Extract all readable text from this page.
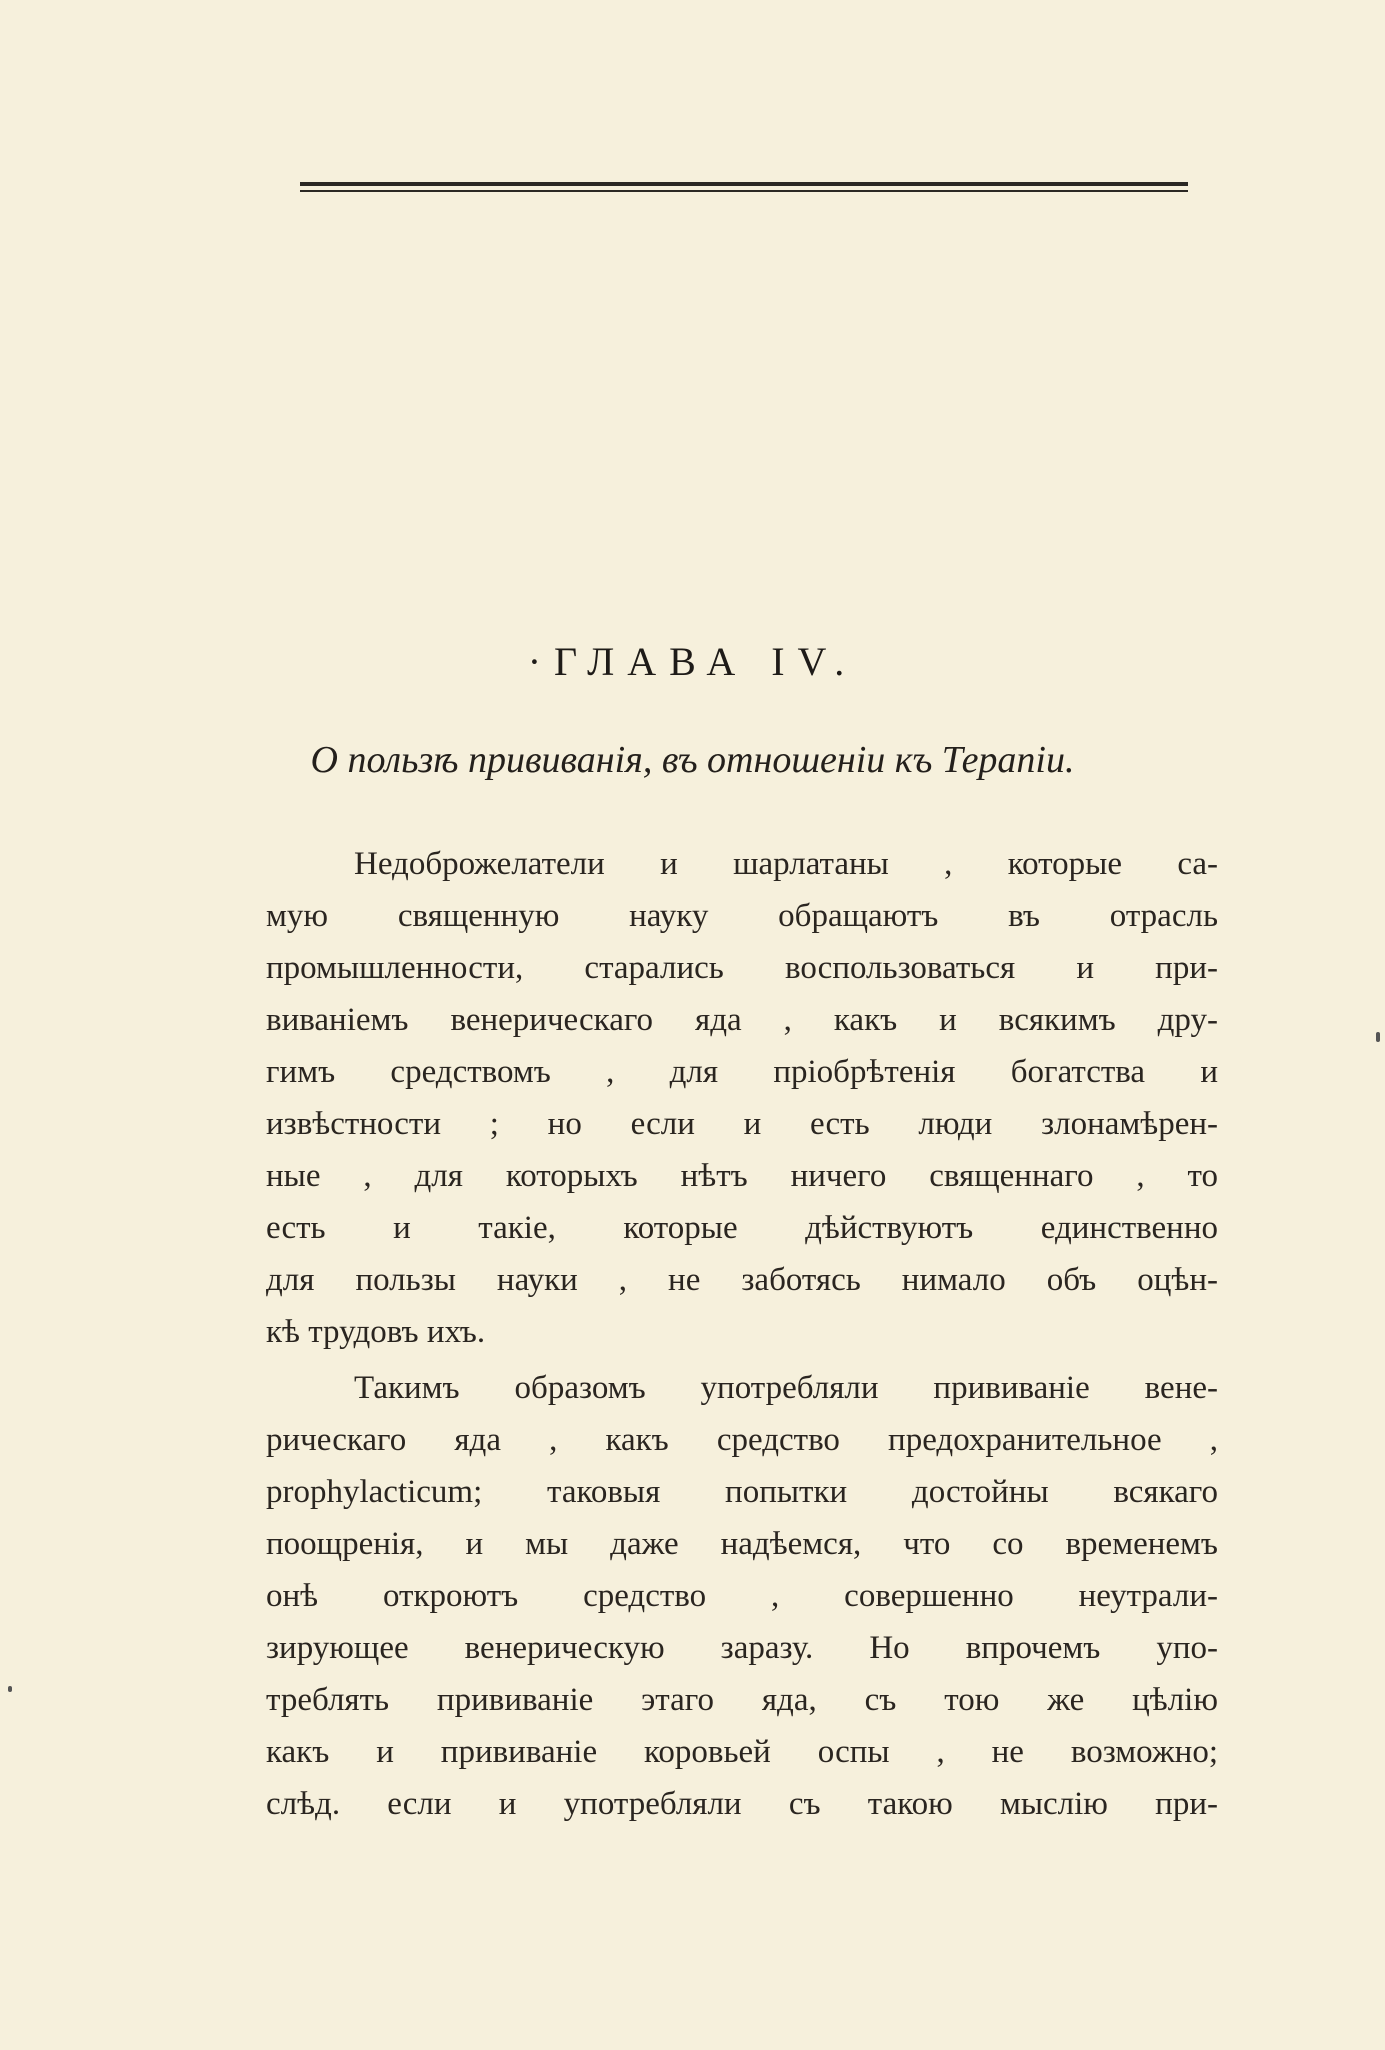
·ГЛАВА IV.
О пользѣ прививанія, въ отношеніи къ Терапіи.
Недоброжелатели и шарлатаны , которые са-
мую священную науку обращаютъ въ отрасль
промышленности, старались воспользоваться и при-
виваніемъ венерическаго яда , какъ и всякимъ дру-
гимъ средствомъ , для пріобрѣтенія богатства и
извѣстности ; но если и есть люди злонамѣрен-
ные , для которыхъ нѣтъ ничего священнаго , то
есть и такіе, которые дѣйствуютъ единственно
для пользы науки , не заботясь нимало объ оцѣн-
кѣ трудовъ ихъ.
Такимъ образомъ употребляли прививаніе вене-
рическаго яда , какъ средство предохранительное ,
prophylacticum; таковыя попытки достойны всякаго
поощренія, и мы даже надѣемся, что со временемъ
онѣ откроютъ средство , совершенно неутрали-
зирующее венерическую заразу. Но впрочемъ упо-
треблять прививаніе этаго яда, съ тою же цѣлію
какъ и прививаніе коровьей оспы , не возможно;
слѣд. если и употребляли съ такою мыслію при-
